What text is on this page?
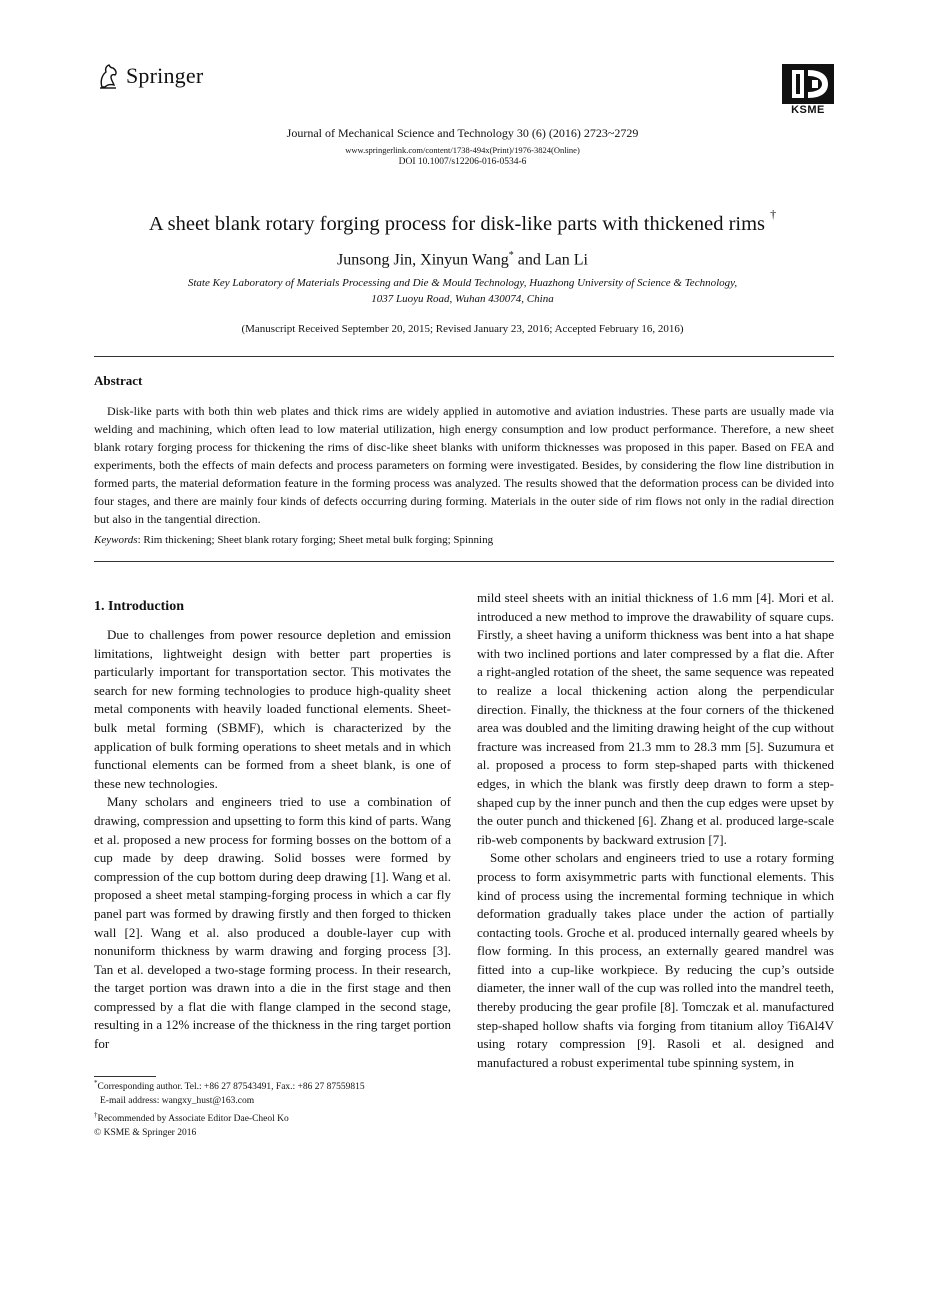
Springer
KSME
Journal of Mechanical Science and Technology 30 (6) (2016) 2723~2729
www.springerlink.com/content/1738-494x(Print)/1976-3824(Online)
DOI 10.1007/s12206-016-0534-6
A sheet blank rotary forging process for disk-like parts with thickened rims †
Junsong Jin, Xinyun Wang* and Lan Li
State Key Laboratory of Materials Processing and Die & Mould Technology, Huazhong University of Science & Technology,
1037 Luoyu Road, Wuhan 430074, China
(Manuscript Received September 20, 2015; Revised January 23, 2016; Accepted February 16, 2016)
Abstract
Disk-like parts with both thin web plates and thick rims are widely applied in automotive and aviation industries. These parts are usually made via welding and machining, which often lead to low material utilization, high energy consumption and low product performance. Therefore, a new sheet blank rotary forging process for thickening the rims of disc-like sheet blanks with uniform thicknesses was proposed in this paper. Based on FEA and experiments, both the effects of main defects and process parameters on forming were investigated. Besides, by considering the flow line distribution in formed parts, the material deformation feature in the forming process was analyzed. The results showed that the deformation process can be divided into four stages, and there are mainly four kinds of defects occurring during forming. Materials in the outer side of rim flows not only in the radial direction but also in the tangential direction.
Keywords: Rim thickening; Sheet blank rotary forging; Sheet metal bulk forging; Spinning
1. Introduction

Due to challenges from power resource depletion and emission limitations, lightweight design with better part properties is particularly important for transportation sector. This motivates the search for new forming technologies to produce high-quality sheet metal components with heavily loaded functional elements. Sheet-bulk metal forming (SBMF), which is characterized by the application of bulk forming operations to sheet metals and in which functional elements can be formed from a sheet blank, is one of these new technologies.

Many scholars and engineers tried to use a combination of drawing, compression and upsetting to form this kind of parts. Wang et al. proposed a new process for forming bosses on the bottom of a cup made by deep drawing. Solid bosses were formed by compression of the cup bottom during deep drawing [1]. Wang et al. proposed a sheet metal stamping-forging process in which a car fly panel part was formed by drawing firstly and then forged to thicken wall [2]. Wang et al. also produced a double-layer cup with nonuniform thickness by warm drawing and forging process [3]. Tan et al. developed a two-stage forming process. In their research, the target portion was drawn into a die in the first stage and then compressed by a flat die with flange clamped in the second stage, resulting in a 12% increase of the thickness in the ring target portion for

mild steel sheets with an initial thickness of 1.6 mm [4]. Mori et al. introduced a new method to improve the drawability of square cups. Firstly, a sheet having a uniform thickness was bent into a hat shape with two inclined portions and later compressed by a flat die. After a right-angled rotation of the sheet, the same sequence was repeated to realize a local thickening action along the perpendicular direction. Finally, the thickness at the four corners of the thickened area was doubled and the limiting drawing height of the cup without fracture was increased from 21.3 mm to 28.3 mm [5]. Suzumura et al. proposed a process to form step-shaped parts with thickened edges, in which the blank was firstly deep drawn to form a step-shaped cup by the inner punch and then the cup edges were upset by the outer punch and thickened [6]. Zhang et al. produced large-scale rib-web components by backward extrusion [7].

Some other scholars and engineers tried to use a rotary forming process to form axisymmetric parts with functional elements. This kind of process using the incremental forming technique in which deformation gradually takes place under the action of partially contacting tools. Groche et al. produced internally geared wheels by flow forming. In this process, an externally geared mandrel was fitted into a cup-like workpiece. By reducing the cup’s outside diameter, the inner wall of the cup was rolled into the mandrel teeth, thereby producing the gear profile [8]. Tomczak et al. manufactured step-shaped hollow shafts via forging from titanium alloy Ti6Al4V using rotary compression [9]. Rasoli et al. designed and manufactured a robust experimental tube spinning system, in

*Corresponding author. Tel.: +86 27 87543491, Fax.: +86 27 87559815
E-mail address: wangxy_hust@163.com
†Recommended by Associate Editor Dae-Cheol Ko
© KSME & Springer 2016
